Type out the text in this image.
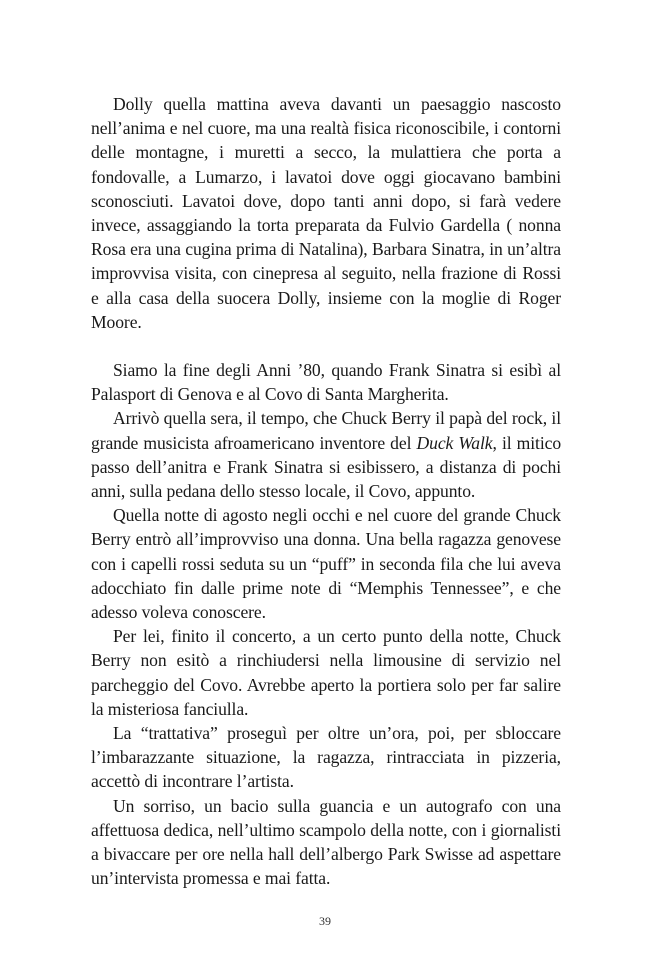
Dolly quella mattina aveva davanti un paesaggio nascosto nell’anima e nel cuore, ma una realtà fisica riconoscibile, i contorni delle montagne, i muretti a secco, la mulattiera che porta a fondovalle, a Lumarzo, i lavatoi dove oggi giocavano bambini sconosciuti. Lavatoi dove, dopo tanti anni dopo, si farà vedere invece, assaggiando la torta preparata da Fulvio Gardella ( nonna Rosa era una cugina prima di Natalina), Barbara Sinatra, in un’altra improvvisa visita, con cinepresa al seguito, nella frazione di Rossi e alla casa della suocera Dolly, insieme con la moglie di Roger Moore.

Siamo la fine degli Anni ’80, quando Frank Sinatra si esibì al Palasport di Genova e al Covo di Santa Margherita.

Arrivò quella sera, il tempo, che Chuck Berry il papà del rock, il grande musicista afroamericano inventore del Duck Walk, il mitico passo dell’anitra e Frank Sinatra si esibissero, a distanza di pochi anni, sulla pedana dello stesso locale, il Covo, appunto.

Quella notte di agosto negli occhi e nel cuore del grande Chuck Berry entrò all’improvviso una donna. Una bella ragazza genovese con i capelli rossi seduta su un “puff” in seconda fila che lui aveva adocchiato fin dalle prime note di “Memphis Tennessee”, e che adesso voleva conoscere.

Per lei, finito il concerto, a un certo punto della notte, Chuck Berry non esitò a rinchiudersi nella limousine di servizio nel parcheggio del Covo. Avrebbe aperto la portiera solo per far salire la misteriosa fanciulla.

La “trattativa” proseguì per oltre un’ora, poi, per sbloccare l’imbarazzante situazione, la ragazza, rintracciata in pizzeria, accettò di incontrare l’artista.

Un sorriso, un bacio sulla guancia e un autografo con una affettuosa dedica, nell’ultimo scampolo della notte, con i giornalisti a bivaccare per ore nella hall dell’albergo Park Swisse ad aspettare un’intervista promessa e mai fatta.

39
